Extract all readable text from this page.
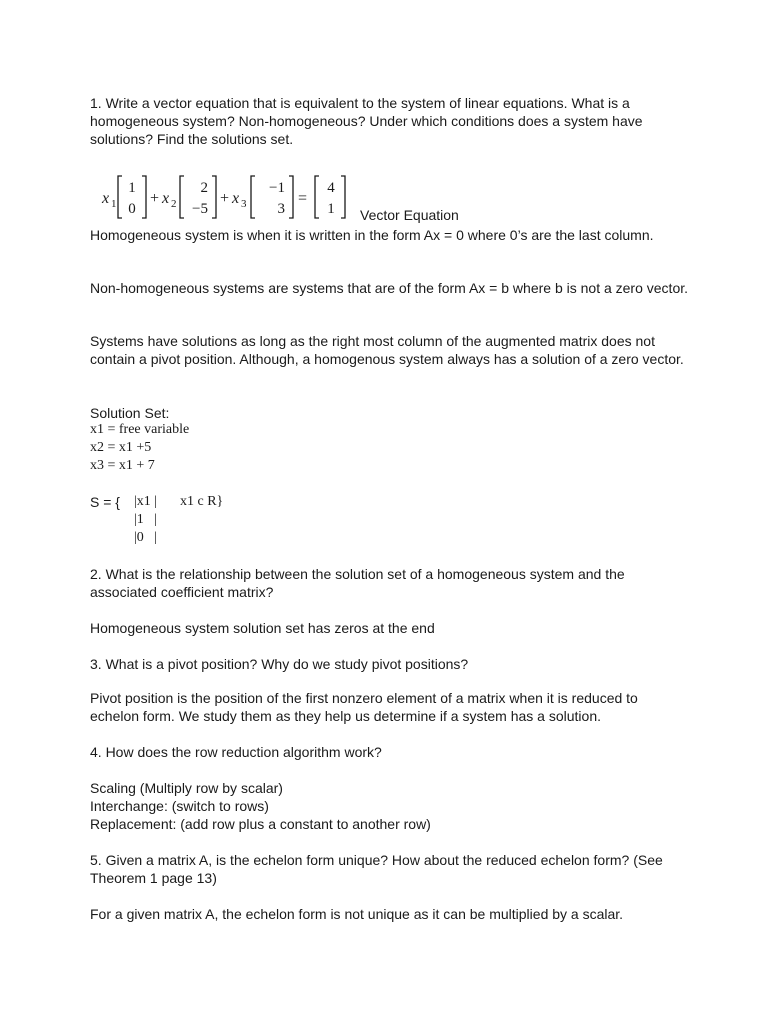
1. Write a vector equation that is equivalent to the system of linear equations. What is a homogeneous system? Non-homogeneous? Under which conditions does a system have solutions? Find the solutions set.

x 1
1
0
+ x 2
2
−5
+ x 3
−1
3
=
4
1 Vector Equation

Homogeneous system is when it is written in the form Ax = 0 where 0’s are the last column.

Non-homogeneous systems are systems that are of the form Ax = b where b is not a zero vector.

Systems have solutions as long as the right most column of the augmented matrix does not contain a pivot position. Although, a homogenous system always has a solution of a zero vector.

Solution Set:
x1 = free variable
x2 = x1 +5
x3 = x1 + 7
S = { |x1 |
|1   |
|0   |
x1 c R}

2. What is the relationship between the solution set of a homogeneous system and the associated coefficient matrix?

Homogeneous system solution set has zeros at the end

3. What is a pivot position? Why do we study pivot positions?

Pivot position is the position of the first nonzero element of a matrix when it is reduced to echelon form. We study them as they help us determine if a system has a solution.

4. How does the row reduction algorithm work?

Scaling (Multiply row by scalar)
Interchange: (switch to rows)
Replacement: (add row plus a constant to another row)

5. Given a matrix A, is the echelon form unique? How about the reduced echelon form? (See Theorem 1 page 13)

For a given matrix A, the echelon form is not unique as it can be multiplied by a scalar.
